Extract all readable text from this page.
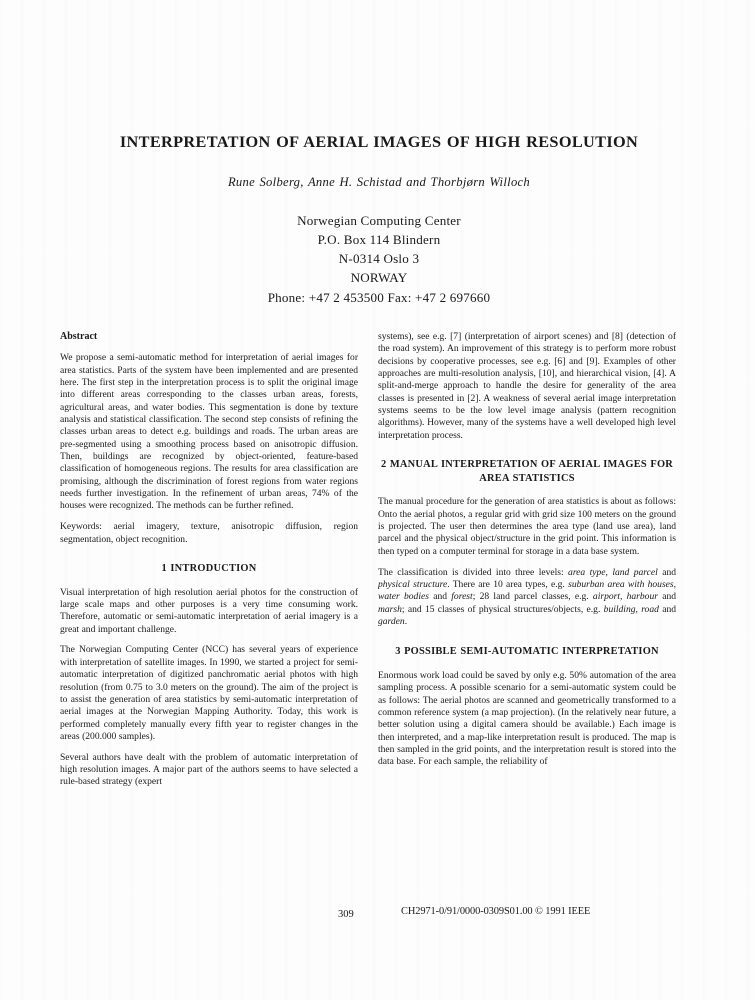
INTERPRETATION OF AERIAL IMAGES OF HIGH RESOLUTION
Rune Solberg, Anne H. Schistad and Thorbjørn Willoch
Norwegian Computing Center
P.O. Box 114 Blindern
N-0314 Oslo 3
NORWAY
Phone: +47 2 453500 Fax: +47 2 697660
Abstract

We propose a semi-automatic method for interpretation of aerial images for area statistics. Parts of the system have been implemented and are presented here. The first step in the interpretation process is to split the original image into different areas corresponding to the classes urban areas, forests, agricultural areas, and water bodies. This segmentation is done by texture analysis and statistical classification. The second step consists of refining the classes urban areas to detect e.g. buildings and roads. The urban areas are pre-segmented using a smoothing process based on anisotropic diffusion. Then, buildings are recognized by object-oriented, feature-based classification of homogeneous regions. The results for area classification are promising, although the discrimination of forest regions from water regions needs further investigation. In the refinement of urban areas, 74% of the houses were recognized. The methods can be further refined.

Keywords: aerial imagery, texture, anisotropic diffusion, region segmentation, object recognition.

1 INTRODUCTION

Visual interpretation of high resolution aerial photos for the construction of large scale maps and other purposes is a very time consuming work. Therefore, automatic or semi-automatic interpretation of aerial imagery is a great and important challenge.

The Norwegian Computing Center (NCC) has several years of experience with interpretation of satellite images. In 1990, we started a project for semi-automatic interpretation of digitized panchromatic aerial photos with high resolution (from 0.75 to 3.0 meters on the ground). The aim of the project is to assist the generation of area statistics by semi-automatic interpretation of aerial images at the Norwegian Mapping Authority. Today, this work is performed completely manually every fifth year to register changes in the areas (200.000 samples).

Several authors have dealt with the problem of automatic interpretation of high resolution images. A major part of the authors seems to have selected a rule-based strategy (expert

systems), see e.g. [7] (interpretation of airport scenes) and [8] (detection of the road system). An improvement of this strategy is to perform more robust decisions by cooperative processes, see e.g. [6] and [9]. Examples of other approaches are multi-resolution analysis, [10], and hierarchical vision, [4]. A split-and-merge approach to handle the desire for generality of the area classes is presented in [2]. A weakness of several aerial image interpretation systems seems to be the low level image analysis (pattern recognition algorithms). However, many of the systems have a well developed high level interpretation process.

2 MANUAL INTERPRETATION OF AERIAL IMAGES FOR AREA STATISTICS

The manual procedure for the generation of area statistics is about as follows: Onto the aerial photos, a regular grid with grid size 100 meters on the ground is projected. The user then determines the area type (land use area), land parcel and the physical object/structure in the grid point. This information is then typed on a computer terminal for storage in a data base system.

The classification is divided into three levels: area type, land parcel and physical structure. There are 10 area types, e.g. suburban area with houses, water bodies and forest; 28 land parcel classes, e.g. airport, harbour and marsh; and 15 classes of physical structures/objects, e.g. building, road and garden.

3 POSSIBLE SEMI-AUTOMATIC INTERPRETATION

Enormous work load could be saved by only e.g. 50% automation of the area sampling process. A possible scenario for a semi-automatic system could be as follows: The aerial photos are scanned and geometrically transformed to a common reference system (a map projection). (In the relatively near future, a better solution using a digital camera should be available.) Each image is then interpreted, and a map-like interpretation result is produced. The map is then sampled in the grid points, and the interpretation result is stored into the data base. For each sample, the reliability of

309	CH2971-0/91/0000-0309S01.00 © 1991 IEEE
